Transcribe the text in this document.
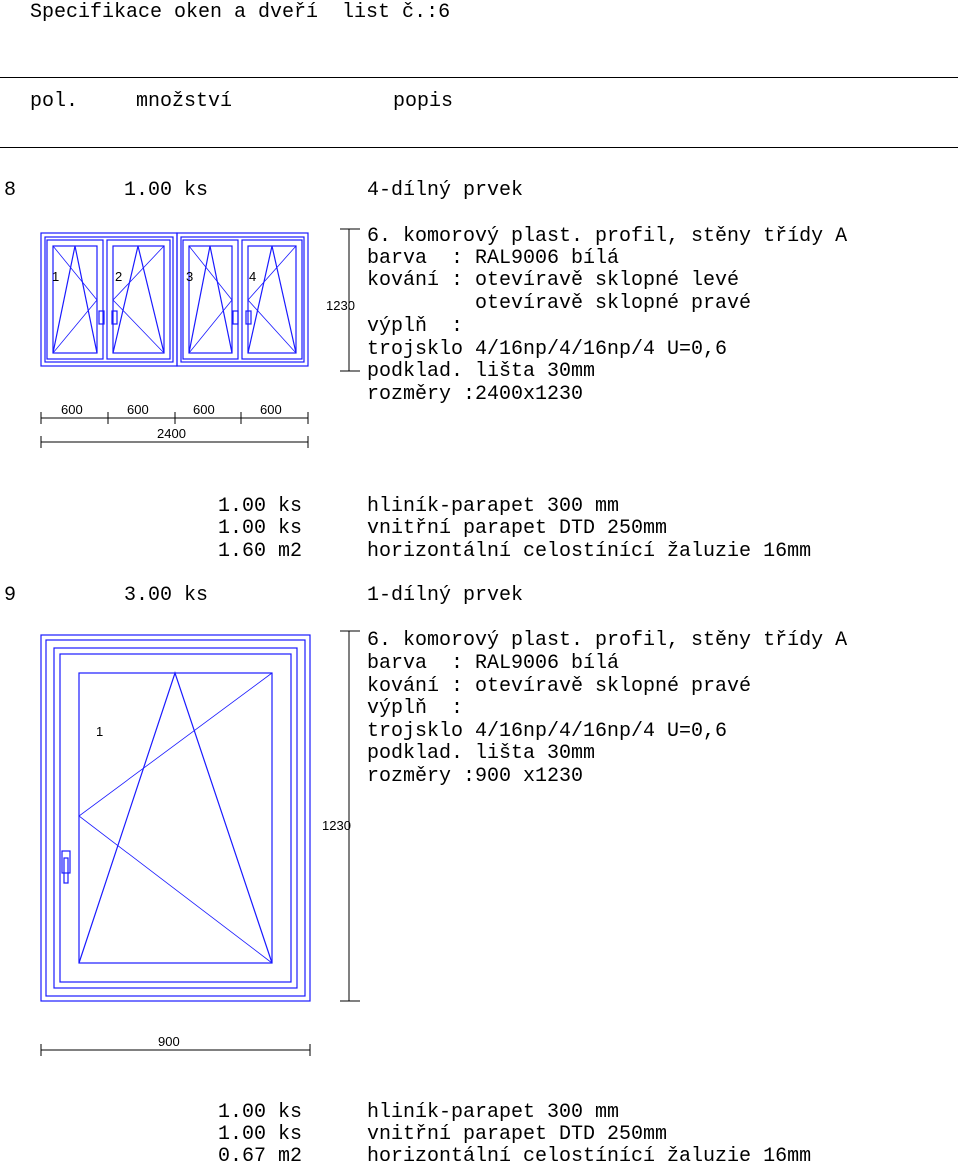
Specifikace oken a dveří  list č.:6
pol.	množství	popis
8	1.00 ks	4-dílný prvek
6. komorový plast. profil, stěny třídy A
barva  : RAL9006 bílá
kování : otevíravě sklopné levé
otevíravě sklopné pravé
výplň  :
trojsklo 4/16np/4/16np/4 U=0,6
podklad. lišta 30mm
rozměry :2400x1230
1	2	3	4
1230
600	600	600	600
2400
1.00 ks	hliník-parapet 300 mm
1.00 ks	vnitřní parapet DTD 250mm
1.60 m2	horizontální celostínící žaluzie 16mm
9	3.00 ks	1-dílný prvek
6. komorový plast. profil, stěny třídy A
barva  : RAL9006 bílá
kování : otevíravě sklopné pravé
výplň  :
trojsklo 4/16np/4/16np/4 U=0,6
podklad. lišta 30mm
rozměry :900 x1230
1
1230
900
1.00 ks	hliník-parapet 300 mm
1.00 ks	vnitřní parapet DTD 250mm
0.67 m2	horizontální celostínící žaluzie 16mm
